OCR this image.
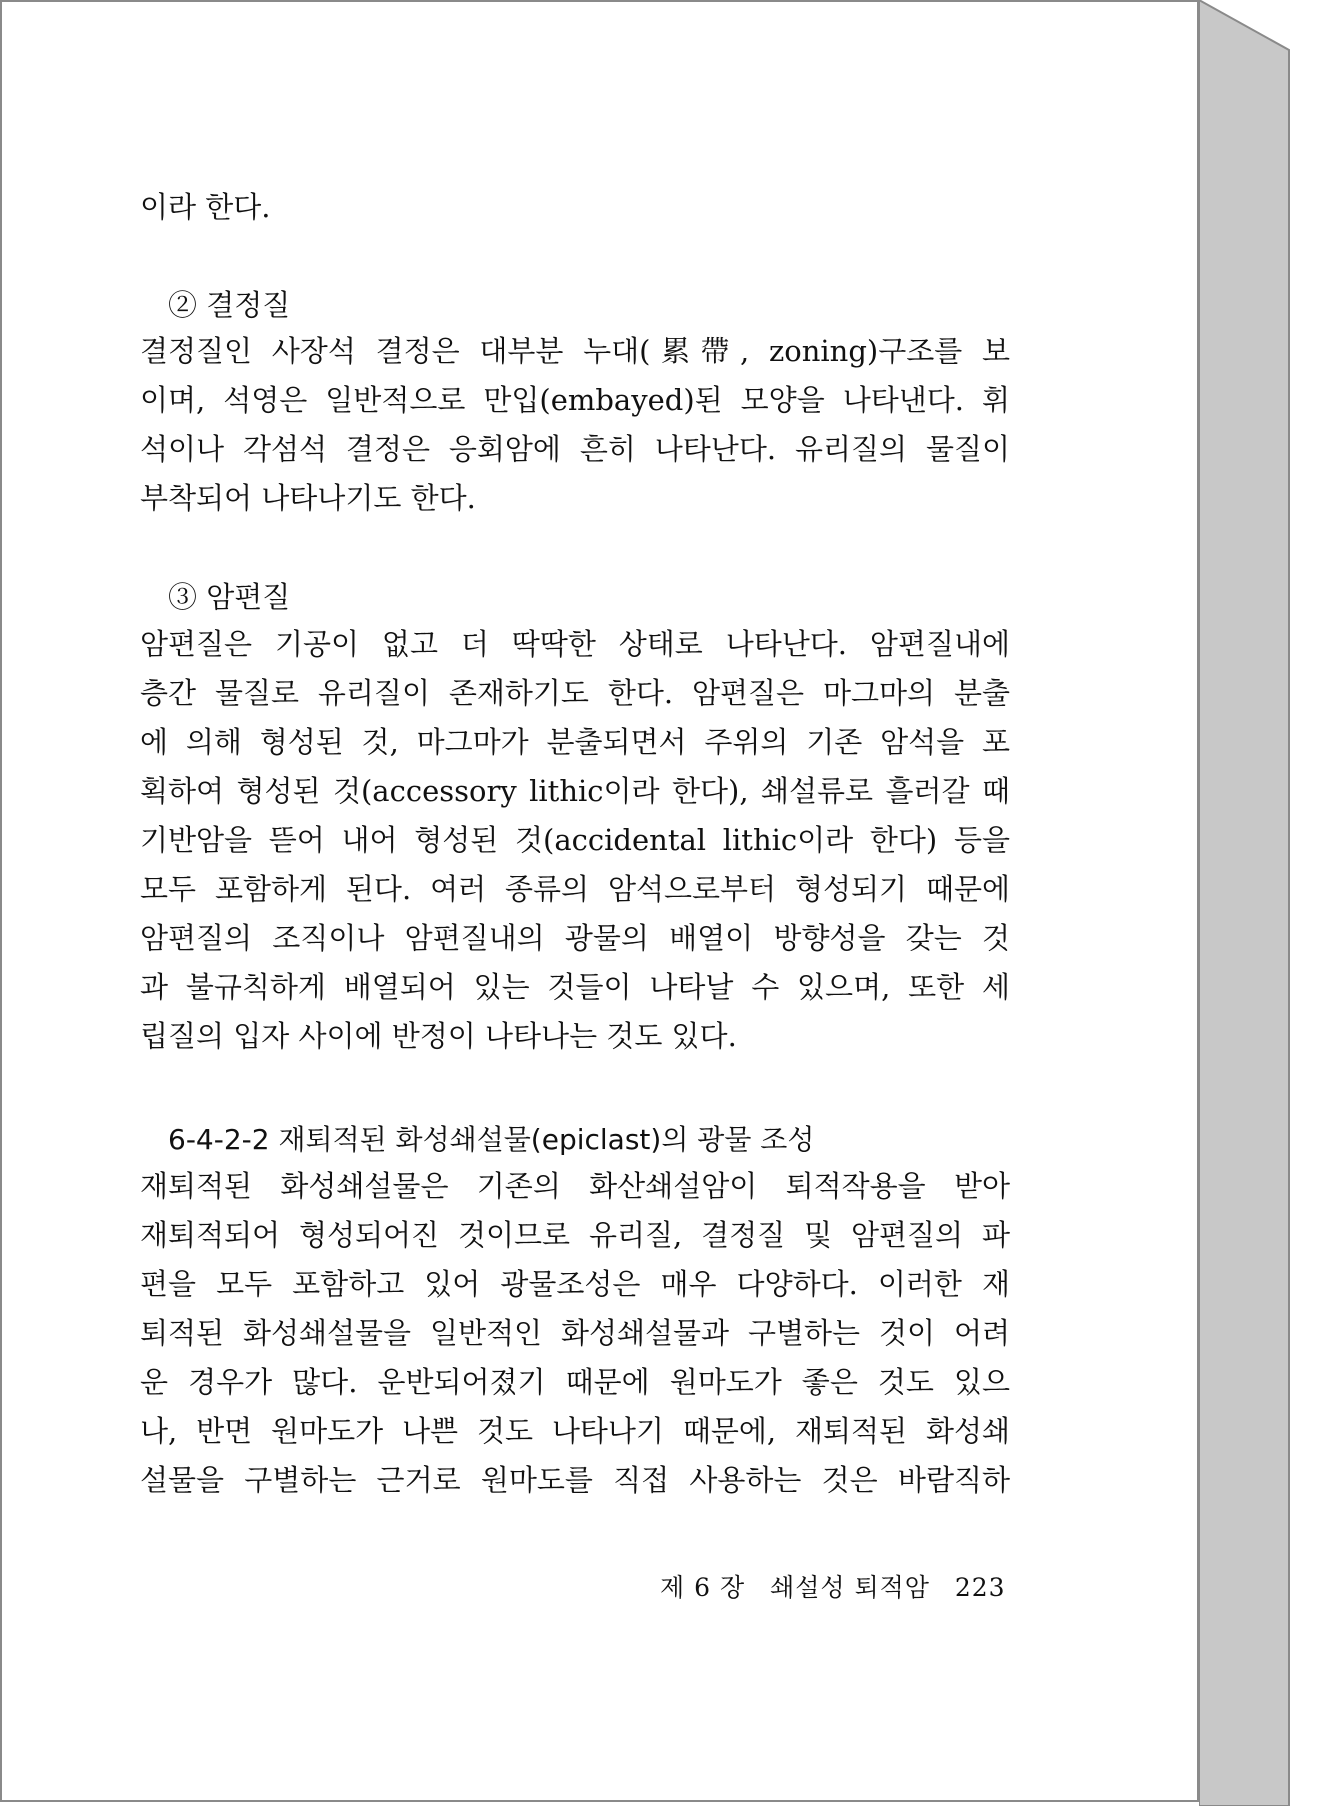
이라 한다.
② 결정질
결정질인 사장석 결정은 대부분 누대(累帶, zoning)구조를 보
이며, 석영은 일반적으로 만입(embayed)된 모양을 나타낸다. 휘
석이나 각섬석 결정은 응회암에 흔히 나타난다. 유리질의 물질이
부착되어 나타나기도 한다.
③ 암편질
암편질은 기공이 없고 더 딱딱한 상태로 나타난다. 암편질내에
층간 물질로 유리질이 존재하기도 한다. 암편질은 마그마의 분출
에 의해 형성된 것, 마그마가 분출되면서 주위의 기존 암석을 포
획하여 형성된 것(accessory lithic이라 한다), 쇄설류로 흘러갈 때
기반암을 뜯어 내어 형성된 것(accidental lithic이라 한다) 등을
모두 포함하게 된다. 여러 종류의 암석으로부터 형성되기 때문에
암편질의 조직이나 암편질내의 광물의 배열이 방향성을 갖는 것
과 불규칙하게 배열되어 있는 것들이 나타날 수 있으며, 또한 세
립질의 입자 사이에 반정이 나타나는 것도 있다.
6-4-2-2 재퇴적된 화성쇄설물(epiclast)의 광물 조성
재퇴적된 화성쇄설물은 기존의 화산쇄설암이 퇴적작용을 받아
재퇴적되어 형성되어진 것이므로 유리질, 결정질 및 암편질의 파
편을 모두 포함하고 있어 광물조성은 매우 다양하다. 이러한 재
퇴적된 화성쇄설물을 일반적인 화성쇄설물과 구별하는 것이 어려
운 경우가 많다. 운반되어졌기 때문에 원마도가 좋은 것도 있으
나, 반면 원마도가 나쁜 것도 나타나기 때문에, 재퇴적된 화성쇄
설물을 구별하는 근거로 원마도를 직접 사용하는 것은 바람직하
제 6 장 쇄설성 퇴적암 223
